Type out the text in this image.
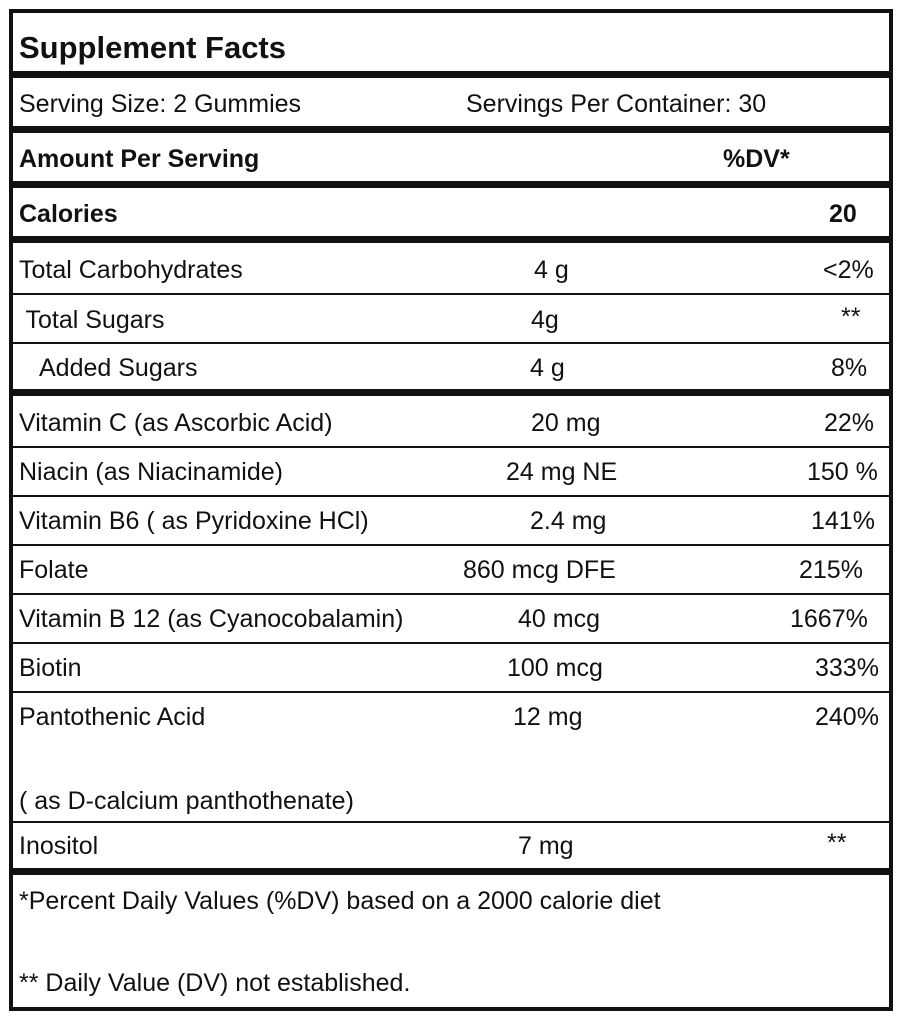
Supplement Facts
Serving Size: 2 Gummies	Servings Per Container: 30
Amount Per Serving	%DV*
Calories	20
Total Carbohydrates	4 g	<2%
Total Sugars	4g	**
Added Sugars	4 g	8%
Vitamin C (as Ascorbic Acid)	20 mg	22%
Niacin (as Niacinamide)	24 mg NE	150 %
Vitamin B6 ( as Pyridoxine HCl)	2.4 mg	141%
Folate	860 mcg DFE	215%
Vitamin B 12 (as Cyanocobalamin)	40 mcg	1667%
Biotin	100 mcg	333%
Pantothenic Acid	12 mg	240%
( as D-calcium panthothenate)
Inositol	7 mg	**
*Percent Daily Values (%DV) based on a 2000 calorie diet
** Daily Value (DV) not established.
